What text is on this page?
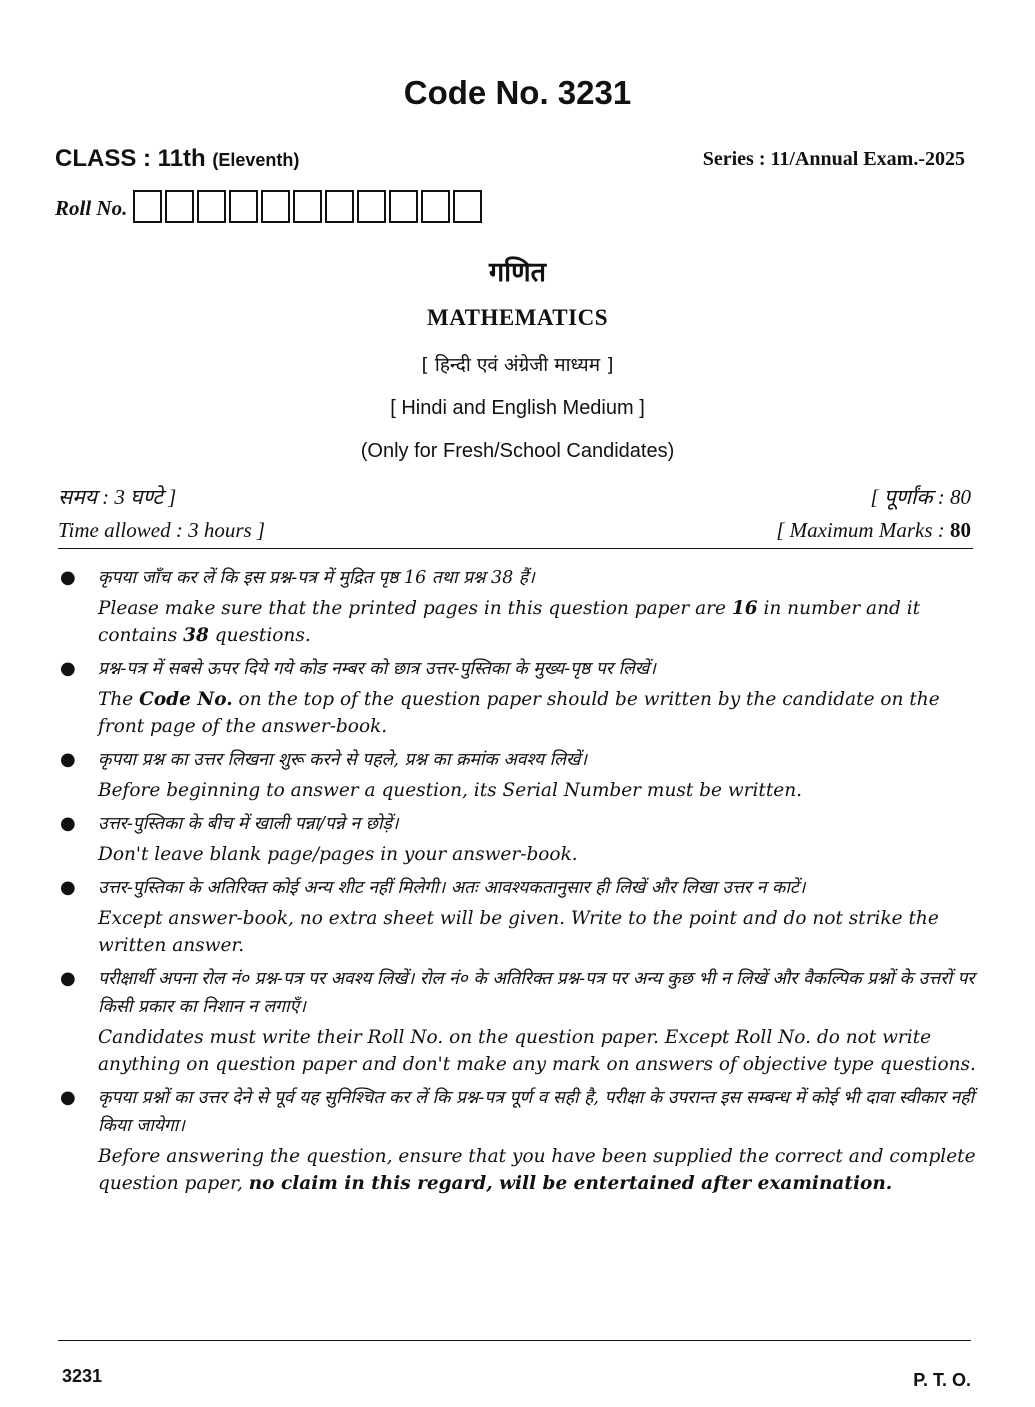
Code No. 3231
CLASS : 11th (Eleventh)	Series : 11/Annual Exam.-2025
Roll No.
गणित
MATHEMATICS
[ हिन्दी एवं अंग्रेजी माध्यम ]
[ Hindi and English Medium ]
(Only for Fresh/School Candidates)
समय : 3 घण्टे ]	[ पूर्णांक : 80
Time allowed : 3 hours ]	[ Maximum Marks : 80
● कृपया जाँच कर लें कि इस प्रश्न-पत्र में मुद्रित पृष्ठ 16 तथा प्रश्न 38 हैं।
Please make sure that the printed pages in this question paper are 16 in number and it contains 38 questions.
● प्रश्न-पत्र में सबसे ऊपर दिये गये कोड नम्बर को छात्र उत्तर-पुस्तिका के मुख्य-पृष्ठ पर लिखें।
The Code No. on the top of the question paper should be written by the candidate on the front page of the answer-book.
● कृपया प्रश्न का उत्तर लिखना शुरू करने से पहले, प्रश्न का क्रमांक अवश्य लिखें।
Before beginning to answer a question, its Serial Number must be written.
● उत्तर-पुस्तिका के बीच में खाली पन्ना/पन्ने न छोड़ें।
Don't leave blank page/pages in your answer-book.
● उत्तर-पुस्तिका के अतिरिक्त कोई अन्य शीट नहीं मिलेगी। अतः आवश्यकतानुसार ही लिखें और लिखा उत्तर न काटें।
Except answer-book, no extra sheet will be given. Write to the point and do not strike the written answer.
● परीक्षार्थी अपना रोल नं० प्रश्न-पत्र पर अवश्य लिखें। रोल नं० के अतिरिक्त प्रश्न-पत्र पर अन्य कुछ भी न लिखें और वैकल्पिक प्रश्नों के उत्तरों पर किसी प्रकार का निशान न लगाएँ।
Candidates must write their Roll No. on the question paper. Except Roll No. do not write anything on question paper and don't make any mark on answers of objective type questions.
● कृपया प्रश्नों का उत्तर देने से पूर्व यह सुनिश्चित कर लें कि प्रश्न-पत्र पूर्ण व सही है, परीक्षा के उपरान्त इस सम्बन्ध में कोई भी दावा स्वीकार नहीं किया जायेगा।
Before answering the question, ensure that you have been supplied the correct and complete question paper, no claim in this regard, will be entertained after examination.
3231	P. T. O.
